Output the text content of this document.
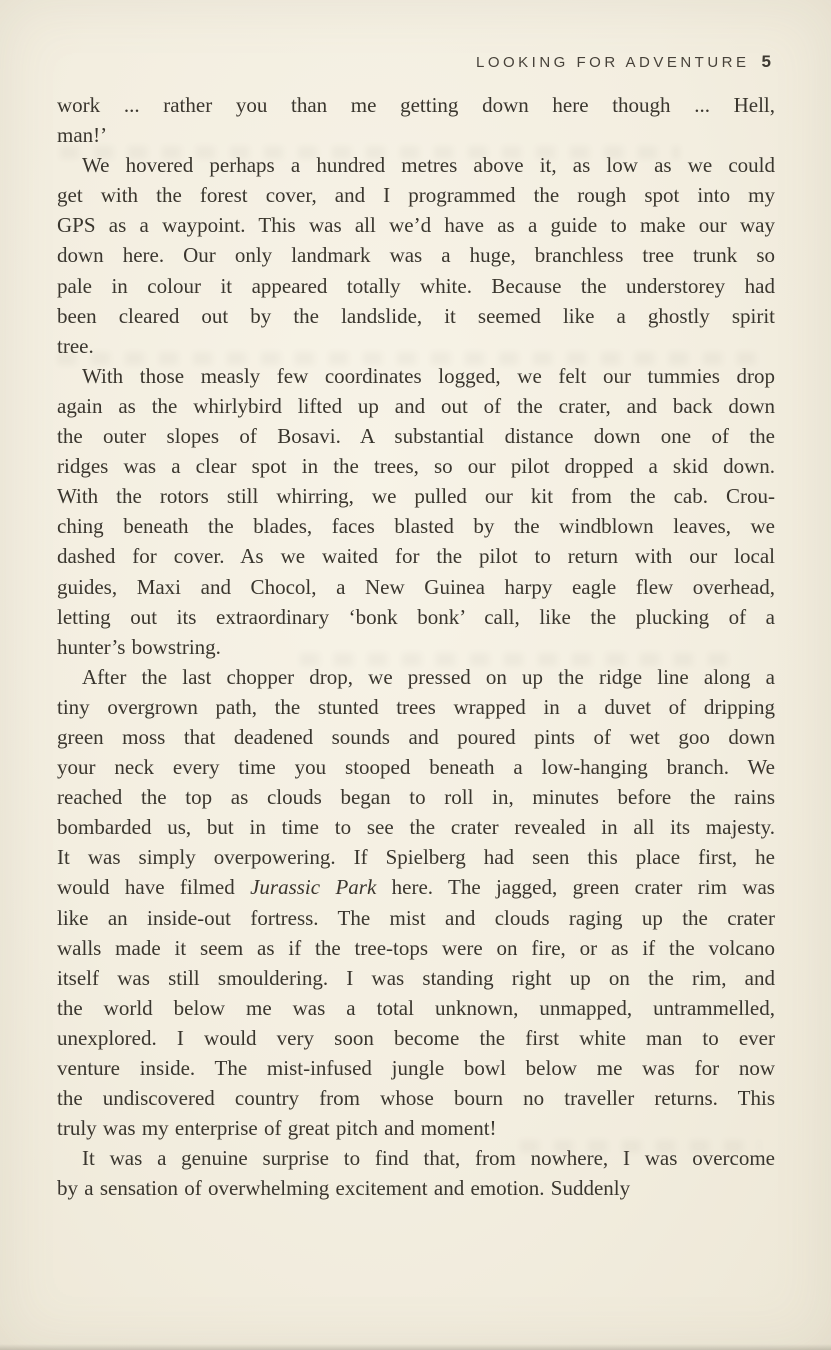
LOOKING FOR ADVENTURE 5
work ... rather you than me getting down here though ... Hell,
man!’
We hovered perhaps a hundred metres above it, as low as we could
get with the forest cover, and I programmed the rough spot into my
GPS as a waypoint. This was all we’d have as a guide to make our way
down here. Our only landmark was a huge, branchless tree trunk so
pale in colour it appeared totally white. Because the understorey had
been cleared out by the landslide, it seemed like a ghostly spirit
tree.
With those measly few coordinates logged, we felt our tummies drop
again as the whirlybird lifted up and out of the crater, and back down
the outer slopes of Bosavi. A substantial distance down one of the
ridges was a clear spot in the trees, so our pilot dropped a skid down.
With the rotors still whirring, we pulled our kit from the cab. Crou-
ching beneath the blades, faces blasted by the windblown leaves, we
dashed for cover. As we waited for the pilot to return with our local
guides, Maxi and Chocol, a New Guinea harpy eagle flew overhead,
letting out its extraordinary ‘bonk bonk’ call, like the plucking of a
hunter’s bowstring.
After the last chopper drop, we pressed on up the ridge line along a
tiny overgrown path, the stunted trees wrapped in a duvet of dripping
green moss that deadened sounds and poured pints of wet goo down
your neck every time you stooped beneath a low-hanging branch. We
reached the top as clouds began to roll in, minutes before the rains
bombarded us, but in time to see the crater revealed in all its majesty.
It was simply overpowering. If Spielberg had seen this place first, he
would have filmed Jurassic Park here. The jagged, green crater rim was
like an inside-out fortress. The mist and clouds raging up the crater
walls made it seem as if the tree-tops were on fire, or as if the volcano
itself was still smouldering. I was standing right up on the rim, and
the world below me was a total unknown, unmapped, untrammelled,
unexplored. I would very soon become the first white man to ever
venture inside. The mist-infused jungle bowl below me was for now
the undiscovered country from whose bourn no traveller returns. This
truly was my enterprise of great pitch and moment!
It was a genuine surprise to find that, from nowhere, I was overcome
by a sensation of overwhelming excitement and emotion. Suddenly
